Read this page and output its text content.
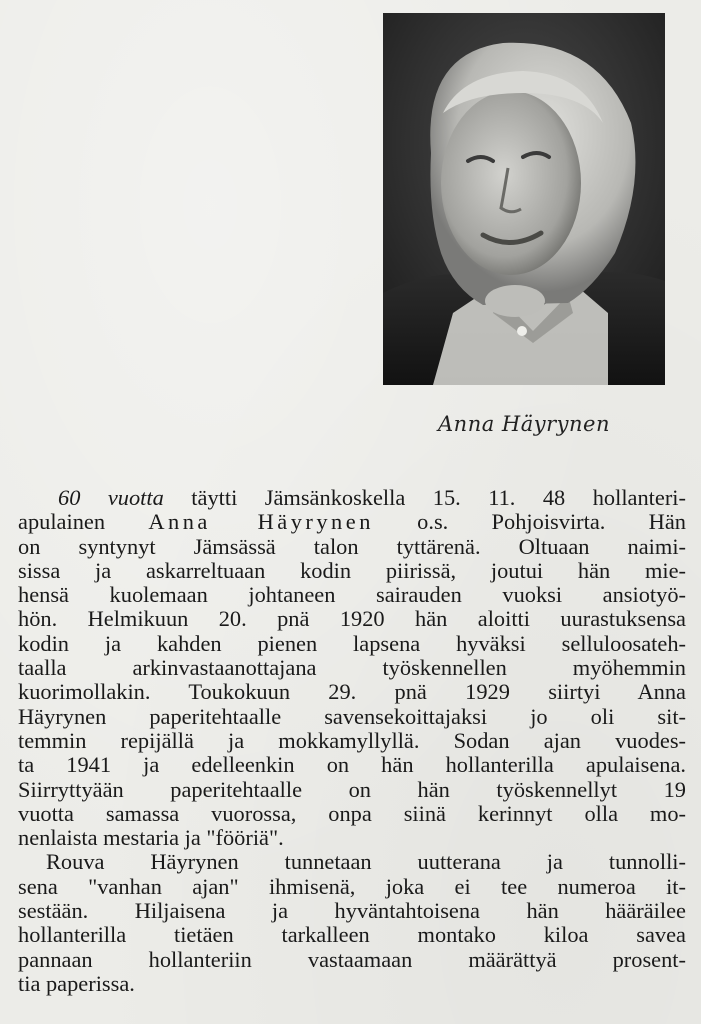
Anna Häyrynen
60 vuotta täytti Jämsänkoskella 15. 11. 48 hollanteri-
apulainen Anna Häyrynen o.s. Pohjoisvirta. Hän
on syntynyt Jämsässä talon tyttärenä. Oltuaan naimi-
sissa ja askarreltuaan kodin piirissä, joutui hän mie-
hensä kuolemaan johtaneen sairauden vuoksi ansiotyö-
hön. Helmikuun 20. pnä 1920 hän aloitti uurastuksensa
kodin ja kahden pienen lapsena hyväksi selluloosateh-
taalla arkinvastaanottajana työskennellen myöhemmin
kuorimollakin. Toukokuun 29. pnä 1929 siirtyi Anna
Häyrynen paperitehtaalle savensekoittajaksi jo oli sit-
temmin repijällä ja mokkamyllyllä. Sodan ajan vuodes-
ta 1941 ja edelleenkin on hän hollanterilla apulaisena.
Siirryttyään paperitehtaalle on hän työskennellyt 19
vuotta samassa vuorossa, onpa siinä kerinnyt olla mo-
nenlaista mestaria ja "fööriä".
Rouva Häyrynen tunnetaan uutterana ja tunnolli-
sena "vanhan ajan" ihmisenä, joka ei tee numeroa it-
sestään. Hiljaisena ja hyväntahtoisena hän hääräilee
hollanterilla tietäen tarkalleen montako kiloa savea
pannaan hollanteriin vastaamaan määrättyä prosent-
tia paperissa.
